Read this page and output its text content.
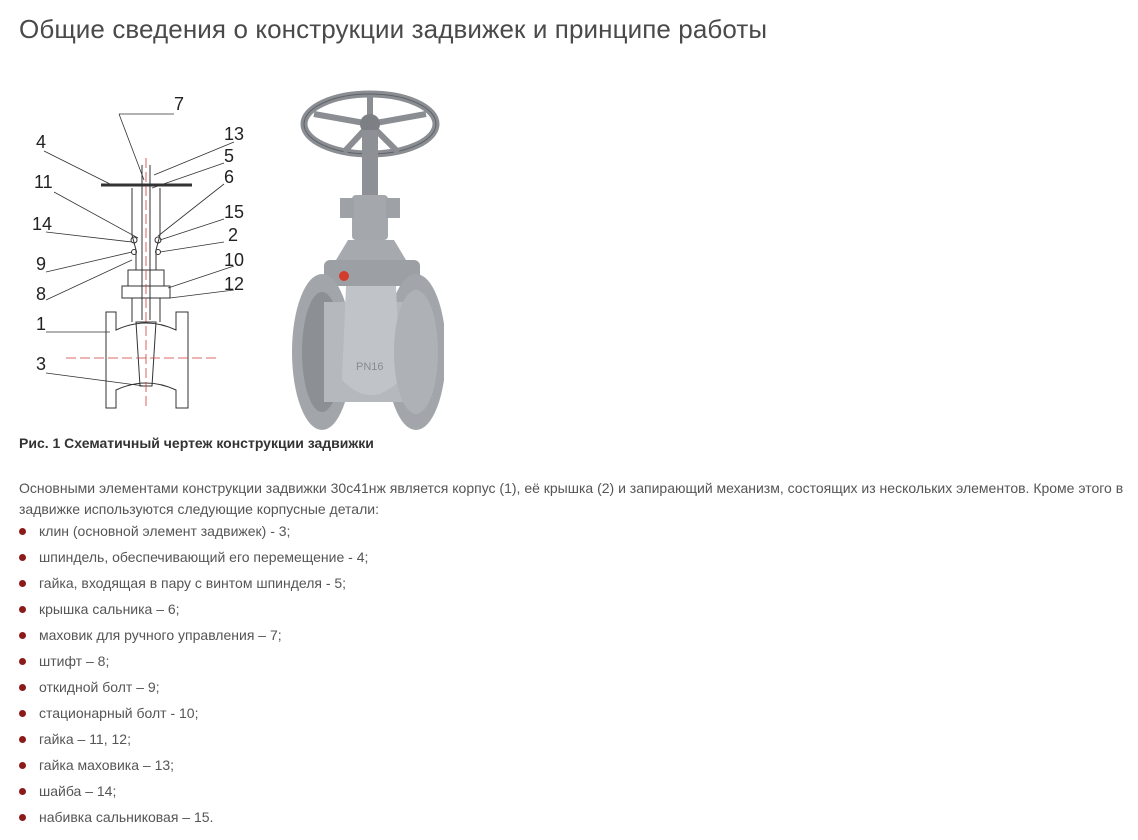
Общие сведения о конструкции задвижек и принципе работы
7
4	13
5
11	6
15
14
2
9	10
12
8
1
3	PN16

Рис. 1 Схематичный чертеж конструкции задвижки

Основными элементами конструкции задвижки 30с41нж является корпус (1), её крышка (2) и запирающий механизм, состоящих из нескольких элементов. Кроме этого в задвижке используются следующие корпусные детали:

клин (основной элемент задвижек) - 3;
шпиндель, обеспечивающий его перемещение - 4;
гайка, входящая в пару с винтом шпинделя - 5;
крышка сальника – 6;
маховик для ручного управления – 7;
штифт – 8;
откидной болт – 9;
стационарный болт - 10;
гайка – 11, 12;
гайка маховика – 13;
шайба – 14;
набивка сальниковая – 15.
